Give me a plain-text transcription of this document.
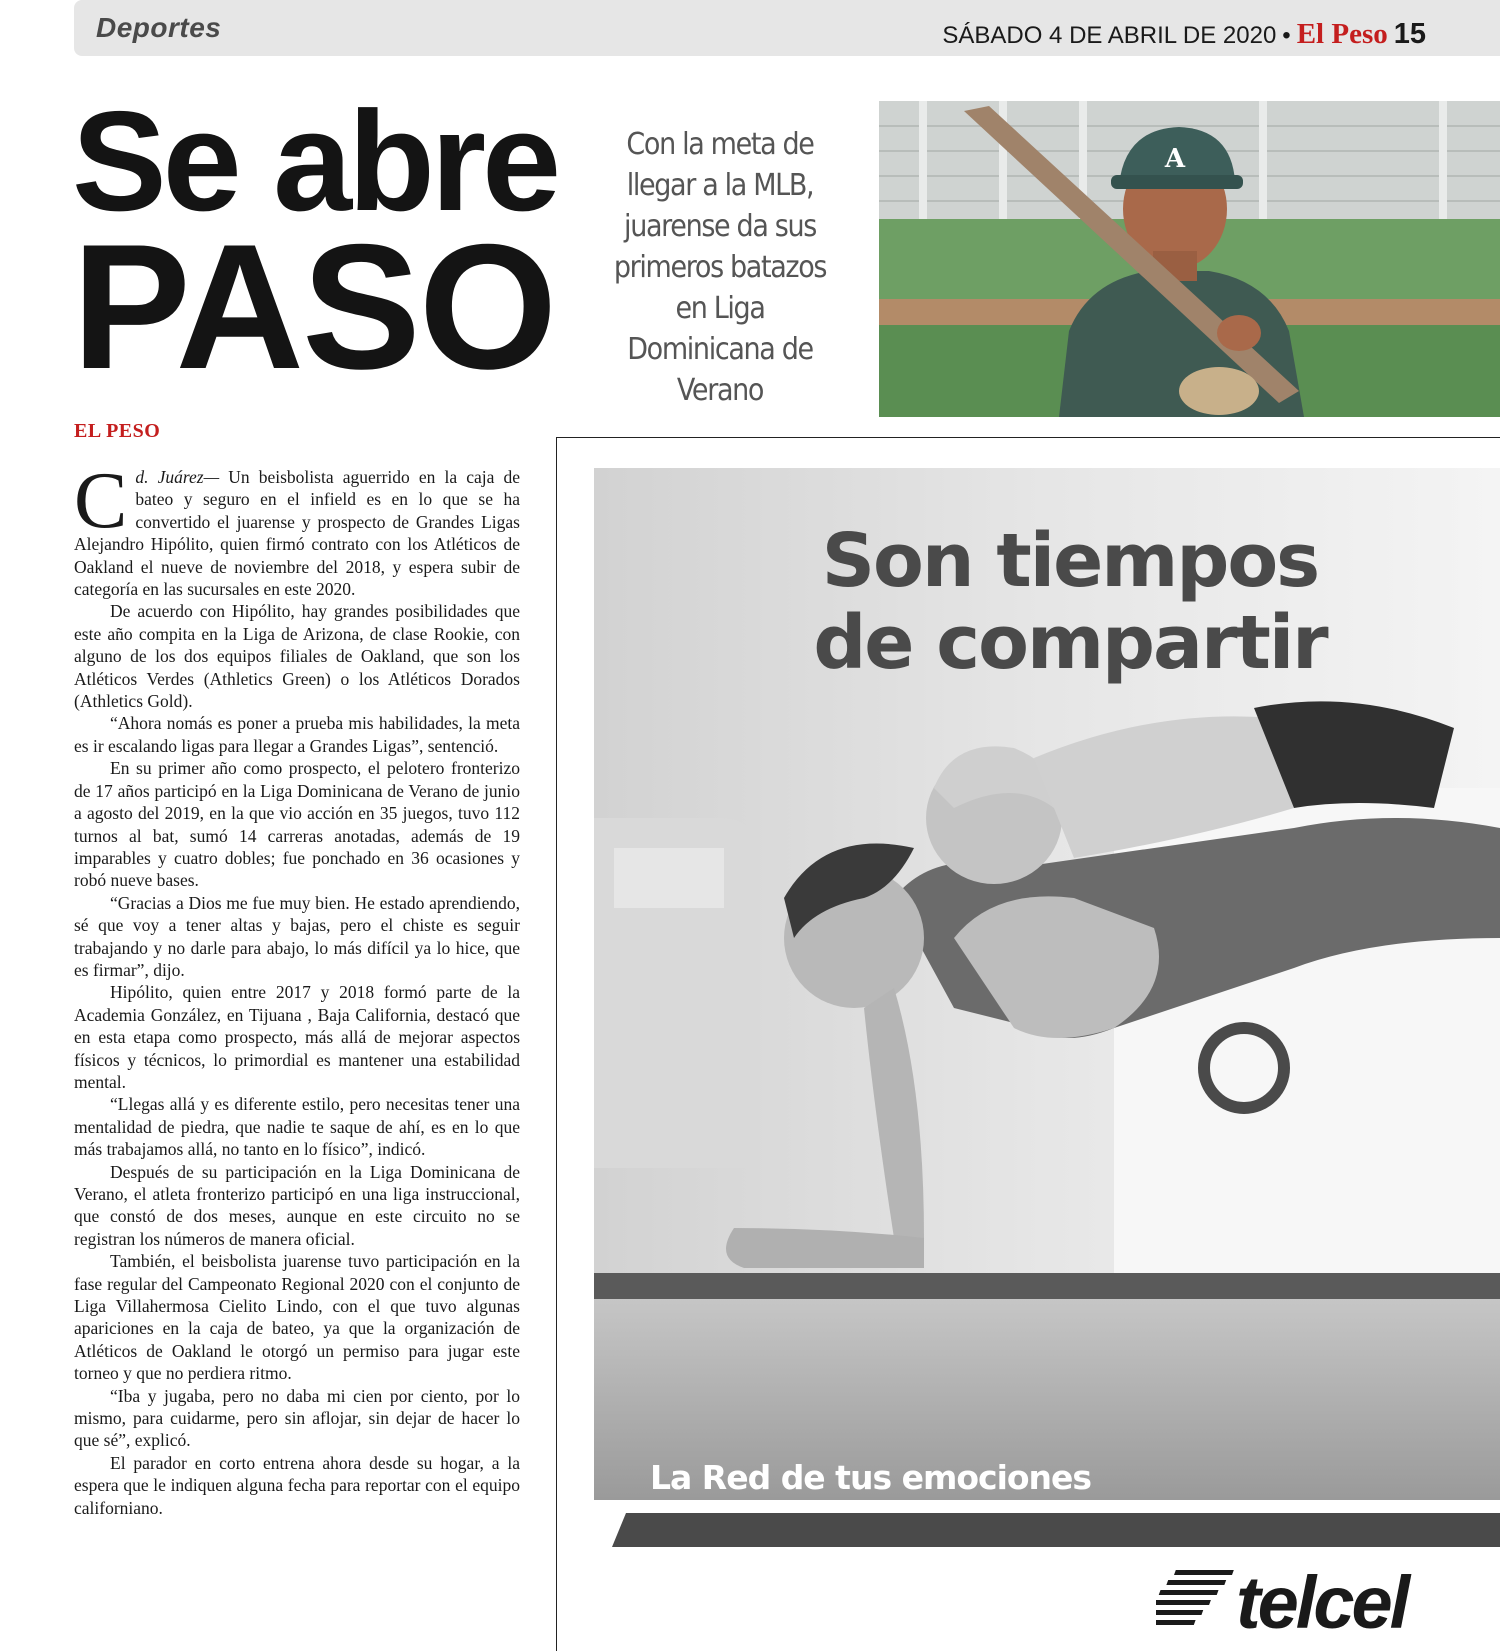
Deportes	SÁBADO 4 DE ABRIL DE 2020 • El Peso 15
Se abre
PASO
Con la meta de llegar a la MLB, juarense da sus primeros batazos en Liga Dominicana de Verano
A
EL PESO

Cd. Juárez— Un beisbolista aguerrido en la caja de bateo y seguro en el infield es en lo que se ha convertido el juarense y prospecto de Grandes Ligas Alejandro Hipólito, quien firmó contrato con los Atléticos de Oakland el nueve de noviembre del 2018, y espera subir de categoría en las sucursales en este 2020.

De acuerdo con Hipólito, hay grandes posibilidades que este año compita en la Liga de Arizona, de clase Rookie, con alguno de los dos equipos filiales de Oakland, que son los Atléticos Verdes (Athletics Green) o los Atléticos Dorados (Athletics Gold).

“Ahora nomás es poner a prueba mis habilidades, la meta es ir escalando ligas para llegar a Grandes Ligas”, sentenció.

En su primer año como prospecto, el pelotero fronterizo de 17 años participó en la Liga Dominicana de Verano de junio a agosto del 2019, en la que vio acción en 35 juegos, tuvo 112 turnos al bat, sumó 14 carreras anotadas, además de 19 imparables y cuatro dobles; fue ponchado en 36 ocasiones y robó nueve bases.

“Gracias a Dios me fue muy bien. He estado aprendiendo, sé que voy a tener altas y bajas, pero el chiste es seguir trabajando y no darle para abajo, lo más difícil ya lo hice, que es firmar”, dijo.

Hipólito, quien entre 2017 y 2018 formó parte de la Academia González, en Tijuana , Baja California, destacó que en esta etapa como prospecto, más allá de mejorar aspectos físicos y técnicos, lo primordial es mantener una estabilidad mental.

“Llegas allá y es diferente estilo, pero necesitas tener una mentalidad de piedra, que nadie te saque de ahí, es en lo que más trabajamos allá, no tanto en lo físico”, indicó.

Después de su participación en la Liga Dominicana de Verano, el atleta fronterizo participó en una liga instruccional, que constó de dos meses, aunque en este circuito no se registran los números de manera oficial.

También, el beisbolista juarense tuvo participación en la fase regular del Campeonato Regional 2020 con el conjunto de Liga Villahermosa Cielito Lindo, con el que tuvo algunas apariciones en la caja de bateo, ya que la organización de Atléticos de Oakland le otorgó un permiso para jugar este torneo y que no perdiera ritmo.

“Iba y jugaba, pero no daba mi cien por ciento, por lo mismo, para cuidarme, pero sin aflojar, sin dejar de hacer lo que sé”, explicó.

El parador en corto entrena ahora desde su hogar, a la espera que le indiquen alguna fecha para reportar con el equipo californiano.

Son tiempos
de compartir
La Red de tus emociones
telcel
